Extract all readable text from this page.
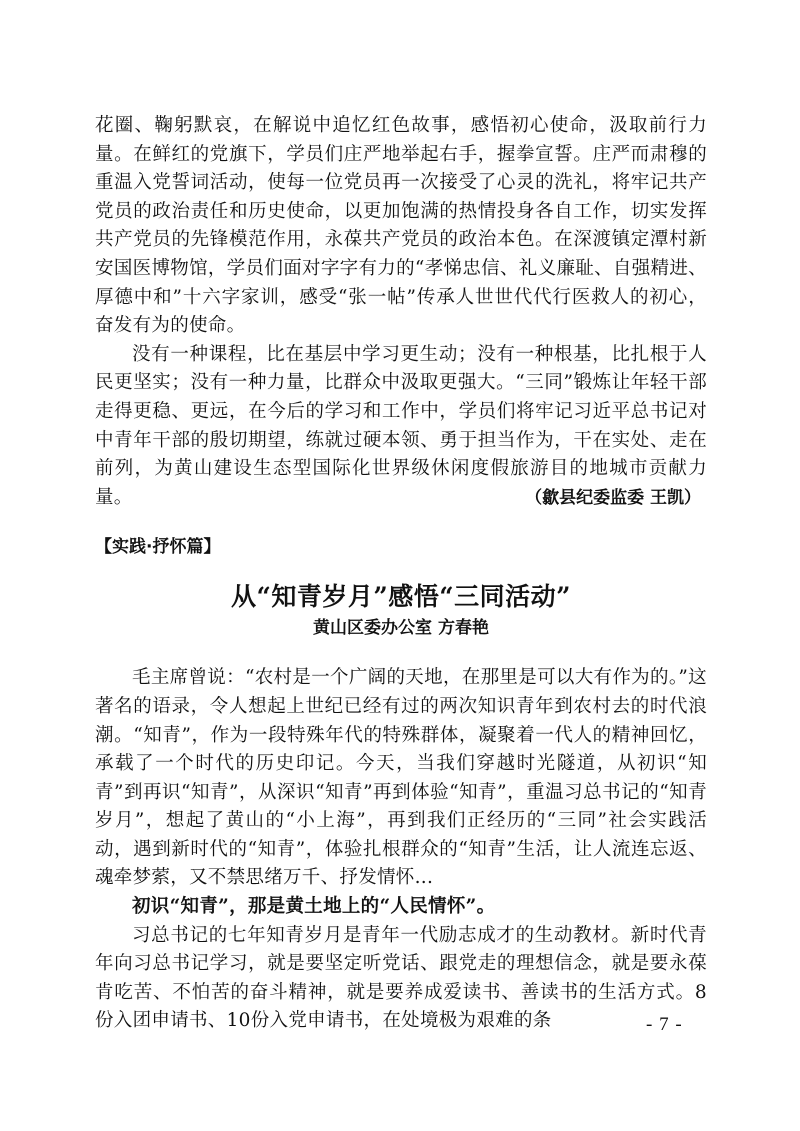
花圈、鞠躬默哀，在解说中追忆红色故事，感悟初心使命，汲取前行力量。在鲜红的党旗下，学员们庄严地举起右手，握拳宣誓。庄严而肃穆的重温入党誓词活动，使每一位党员再一次接受了心灵的洗礼，将牢记共产党员的政治责任和历史使命，以更加饱满的热情投身各自工作，切实发挥共产党员的先锋模范作用，永葆共产党员的政治本色。在深渡镇定潭村新安国医博物馆，学员们面对字字有力的“孝悌忠信、礼义廉耻、自强精进、厚德中和”十六字家训，感受“张一帖”传承人世世代代行医救人的初心，奋发有为的使命。

没有一种课程，比在基层中学习更生动；没有一种根基，比扎根于人民更坚实；没有一种力量，比群众中汲取更强大。“三同”锻炼让年轻干部走得更稳、更远，在今后的学习和工作中，学员们将牢记习近平总书记对中青年干部的殷切期望，练就过硬本领、勇于担当作为，干在实处、走在前列，为黄山建设生态型国际化世界级休闲度假旅游目的地城市贡献力量。	（歙县纪委监委 王凯）
【实践·抒怀篇】
从“知青岁月”感悟“三同活动”
黄山区委办公室 方春艳

毛主席曾说：“农村是一个广阔的天地，在那里是可以大有作为的。”这著名的语录，令人想起上世纪已经有过的两次知识青年到农村去的时代浪潮。“知青”，作为一段特殊年代的特殊群体，凝聚着一代人的精神回忆，承载了一个时代的历史印记。今天，当我们穿越时光隧道，从初识“知青”到再识“知青”，从深识“知青”再到体验“知青”，重温习总书记的“知青岁月”，想起了黄山的“小上海”，再到我们正经历的“三同”社会实践活动，遇到新时代的“知青”，体验扎根群众的“知青”生活，让人流连忘返、魂牵梦萦，又不禁思绪万千、抒发情怀...

初识“知青”，那是黄土地上的“人民情怀”。

习总书记的七年知青岁月是青年一代励志成才的生动教材。新时代青年向习总书记学习，就是要坚定听党话、跟党走的理想信念，就是要永葆肯吃苦、不怕苦的奋斗精神，就是要养成爱读书、善读书的生活方式。8份入团申请书、10份入党申请书，在处境极为艰难的条	- 7 -
